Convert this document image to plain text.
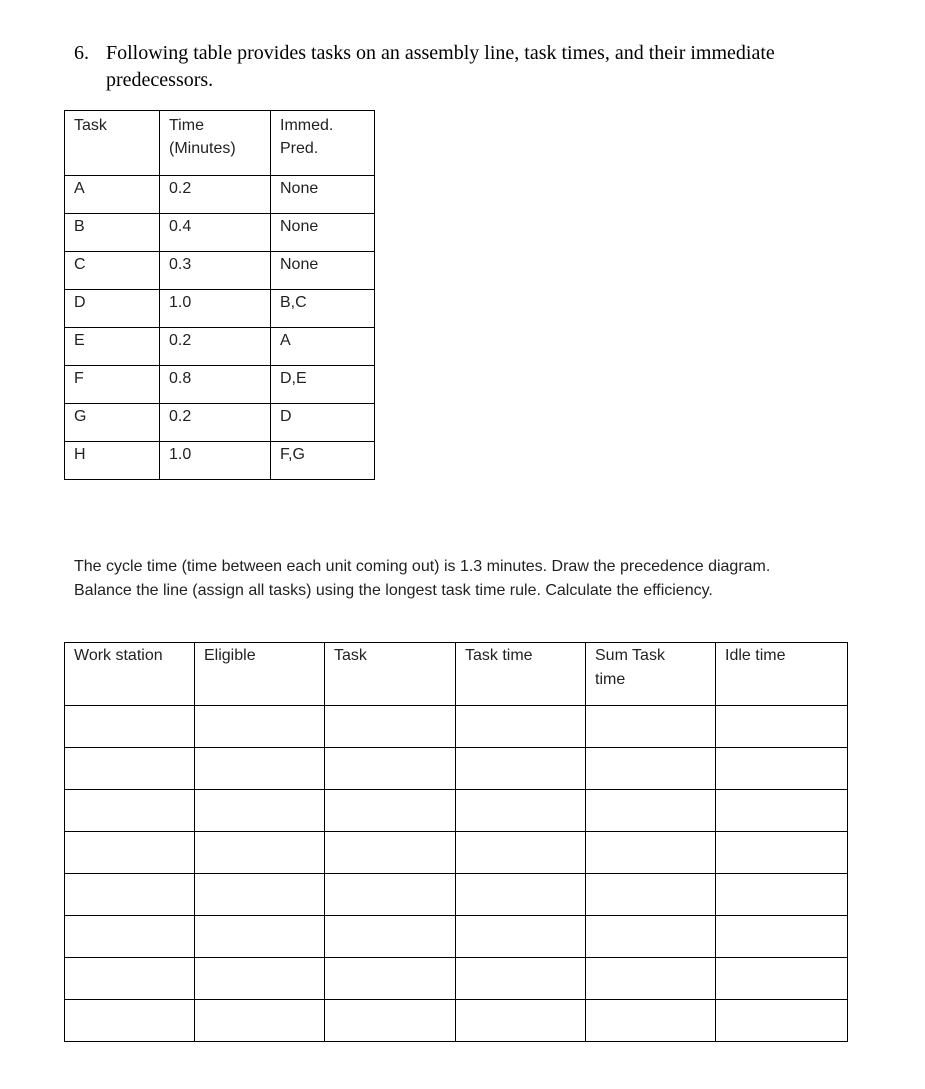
6. Following table provides tasks on an assembly line, task times, and their immediate predecessors.
Task	Time (Minutes)	Immed. Pred.
A	0.2	None
B	0.4	None
C	0.3	None
D	1.0	B,C
E	0.2	A
F	0.8	D,E
G	0.2	D
H	1.0	F,G
The cycle time (time between each unit coming out) is 1.3 minutes. Draw the precedence diagram. Balance the line (assign all tasks) using the longest task time rule. Calculate the efficiency.
Work station	Eligible	Task	Task time	Sum Task time	Idle time
